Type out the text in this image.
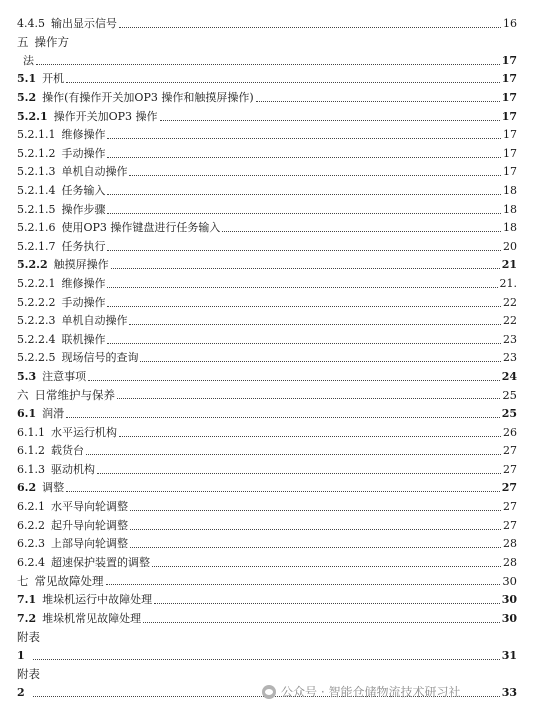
4.4.5 输出显示信号	16
五 操作方
法	17
5.1 开机	17
5.2 操作(有操作开关加OP3 操作和触摸屏操作)	17
5.2.1 操作开关加OP3 操作	17
5.2.1.1 维修操作	17
5.2.1.2 手动操作	17
5.2.1.3 单机自动操作	17
5.2.1.4 任务输入	18
5.2.1.5 操作步骤	18
5.2.1.6 使用OP3 操作键盘进行任务输入	18
5.2.1.7 任务执行	20
5.2.2 触摸屏操作	21
5.2.2.1 维修操作	21.
5.2.2.2 手动操作	22
5.2.2.3 单机自动操作	22
5.2.2.4 联机操作	23
5.2.2.5 现场信号的查询	23
5.3 注意事项	24
六 日常维护与保养	25
6.1 润滑	25
6.1.1 水平运行机构	26
6.1.2 载货台	27
6.1.3 驱动机构	27
6.2 调整	27
6.2.1 水平导向轮调整	27
6.2.2 起升导向轮调整	27
6.2.3 上部导向轮调整	28
6.2.4 超速保护装置的调整	28
七 常见故障处理	30
7.1 堆垛机运行中故障处理	30
7.2 堆垛机常见故障处理	30
附表
1	31
附表
2	33
公众号 · 智能仓储物流技术研习社
